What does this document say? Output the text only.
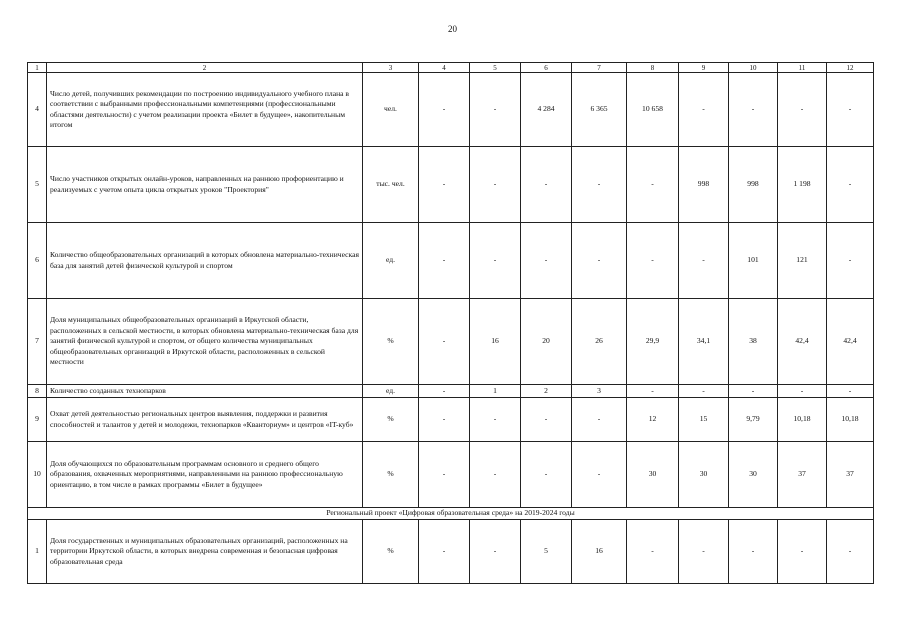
20
1	2	3	4	5	6	7	8	9	10	11	12
4	Число детей, получивших рекомендации по построению индивидуального учебного плана в соответствии с выбранными профессиональными компетенциями (профессиональными областями деятельности) с учетом реализации проекта «Билет в будущее», накопительным итогом	чел.	-	-	4 284	6 365	10 658	-	-	-	-
5	Число участников открытых онлайн-уроков, направленных на раннюю профориентацию и реализуемых с учетом опыта цикла открытых уроков "Проектория"	тыс. чел.	-	-	-	-	-	998	998	1 198	-
6	Количество общеобразовательных организаций в которых обновлена материально-техническая база для занятий детей физической культурой и спортом	ед.	-	-	-	-	-	-	101	121	-
7	Доля муниципальных общеобразовательных организаций в Иркутской области, расположенных в сельской местности, в которых обновлена материально-техническая база для занятий физической культурой и спортом, от общего количества муниципальных общеобразовательных организаций в Иркутской области, расположенных в сельской местности	%	-	16	20	26	29,9	34,1	38	42,4	42,4
8	Количество созданных технопарков	ед.	-	1	2	3	-	-	-	-	-
9	Охват детей деятельностью региональных центров выявления, поддержки и развития способностей и талантов у детей и молодежи, технопарков «Кванториум» и центров «IT-куб»	%	-	-	-	-	12	15	9,79	10,18	10,18
10	Доля обучающихся по образовательным программам основного и среднего общего образования, охваченных мероприятиями, направленными на раннюю профессиональную ориентацию, в том числе в рамках программы «Билет в будущее»	%	-	-	-	-	30	30	30	37	37
Региональный проект «Цифровая образовательная среда» на 2019-2024 годы											
1	Доля государственных и муниципальных образовательных организаций, расположенных на территории Иркутской области, в которых внедрена современная и безопасная цифровая образовательная среда	%	-	-	5	16	-	-	-	-	-
